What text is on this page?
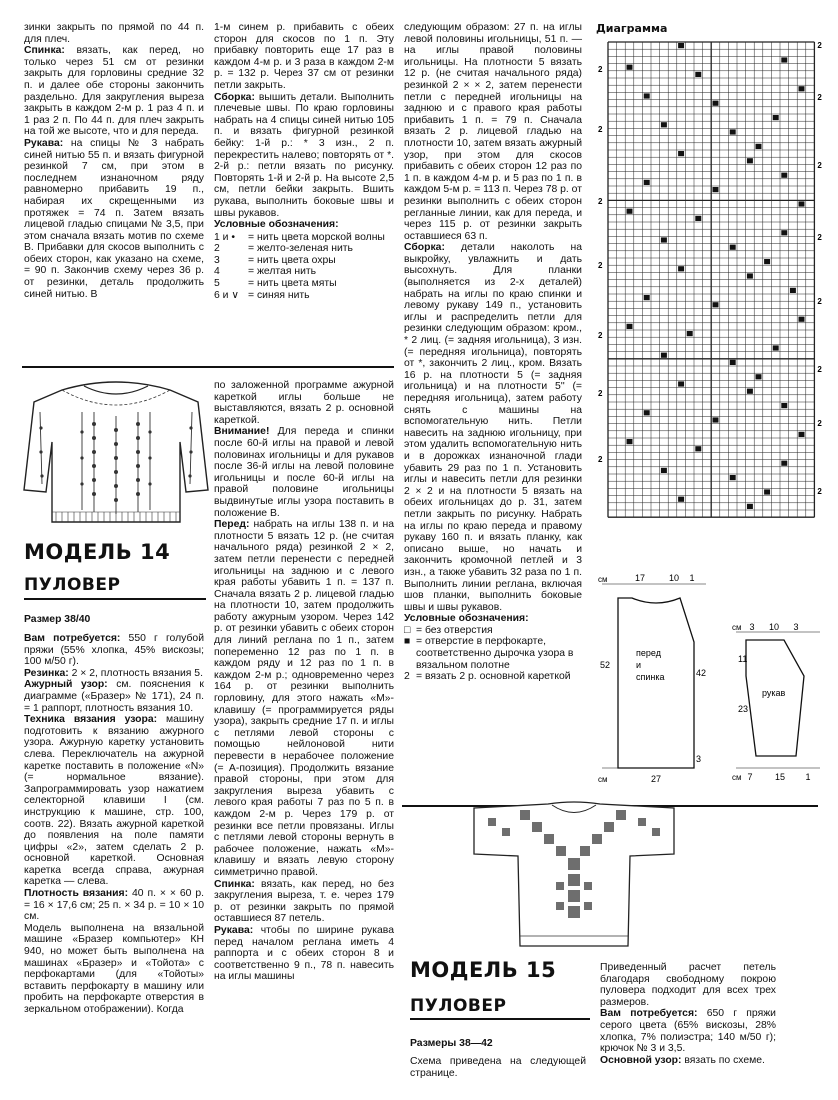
зинки закрыть по прямой по 44 п. для плеч.
Спинка: вязать, как перед, но только через 51 см от резинки закрыть для горловины средние 32 п. и далее обе стороны закончить раздельно. Для закругления выреза закрыть в каждом 2-м р. 1 раз 4 п. и 1 раз 2 п. По 44 п. для плеч закрыть на той же высоте, что и для переда.
Рукава: на спицы № 3 набрать синей нитью 55 п. и вязать фигурной резинкой 7 см, при этом в последнем изнаночном ряду равномерно прибавить 19 п., набирая их скрещенными из протяжек = 74 п. Затем вязать лицевой гладью спицами № 3,5, при этом сначала вязать мотив по схеме B. Прибавки для скосов выполнить с обеих сторон, как указано на схеме, = 90 п. Закончив схему через 36 р. от резинки, деталь продолжить синей нитью. В

1-м синем р. прибавить с обеих сторон для скосов по 1 п. Эту прибавку повторить еще 17 раз в каждом 4-м р. и 3 раза в каждом 2-м р. = 132 р. Через 37 см от резинки петли закрыть.
Сборка: вышить детали. Выполнить плечевые швы. По краю горловины набрать на 4 спицы синей нитью 105 п. и вязать фигурной резинкой бейку: 1-й р.: * 3 изн., 2 п. перекрестить налево; повторять от *. 2-й р.: петли вязать по рисунку. Повторять 1-й и 2-й р. На высоте 2,5 см, петли бейки закрыть. Вшить рукава, выполнить боковые швы и швы рукавов.
Условные обозначения:

1 и •	= нить цвета морской волны
2	= желто-зеленая нить
3	= нить цвета охры
4	= желтая нить
5	= нить цвета мяты
6 и ∨ = синяя нить

следующим образом: 27 п. на иглы левой половины игольницы, 51 п. — на иглы правой половины игольницы. На плотности 5 вязать 12 р. (не считая начального ряда) резинкой 2 × × 2, затем перенести петли с передней игольницы на заднюю и с правого края работы прибавить 1 п. = 79 п. Сначала вязать 2 р. лицевой гладью на плотности 10, затем вязать ажурный узор, при этом для скосов прибавить с обеих сторон 12 раз по 1 п. в каждом 4-м р. и 5 раз по 1 п. в каждом 5-м р. = 113 п. Через 78 р. от резинки выполнить с обеих сторон регланные линии, как для переда, и через 115 р. от резинки закрыть оставшиеся 63 п.
Сборка: детали наколоть на выкройку, увлажнить и дать высохнуть. Для планки (выполняется из 2-х деталей) набрать на иглы по краю спинки и левому рукаву 149 п., установить иглы и распределить петли для резинки следующим образом: кром., * 2 лиц. (= задняя игольница), 3 изн. (= передняя игольница), повторять от *, закончить 2 лиц., кром. Вязать 16 р. на плотности 5 (= задняя игольница) и на плотности 5'' (= передняя игольница), затем работу снять с машины на вспомогательную нить. Петли навесить на заднюю игольницу, при этом удалить вспомогательную нить и в дорожках изнаночной глади убавить 29 раз по 1 п. Установить иглы и навесить петли для резинки 2 × 2 и на плотности 5 вязать на обеих игольницах до р. 31, затем петли закрыть по рисунку. Набрать на иглы по краю переда и правому рукаву 160 п. и вязать планку, как описано выше, но начать и закончить кромочной петлей и 3 изн., а также убавить 32 раза по 1 п. Выполнить линии реглана, включая шов планки, выполнить боковые швы и швы рукавов.
Условные обозначения:

□ = без отверстия
■ = отверстие в перфокарте, соответственно дырочка узора в вязальном полотне
2 = вязать 2 р. основной кареткой
МОДЕЛЬ 14
ПУЛОВЕР
Размер 38/40

Вам потребуется: 550 г голубой пряжи (55% хлопка, 45% вискозы; 100 м/50 г).
Резинка: 2 × 2, плотность вязания 5.
Ажурный узор: см. пояснения к диаграмме («Бразер» № 171), 24 п. = 1 раппорт, плотность вязания 10.
Техника вязания узора: машину подготовить к вязанию ажурного узора. Ажурную каретку установить слева. Переключатель на ажурной каретке поставить в положение «N» (= нормальное вязание). Запрограммировать узор нажатием селекторной клавиши I (см. инструкцию к машине, стр. 100, соотв. 22). Вязать ажурной кареткой до появления на поле памяти цифры «2», затем сделать 2 р. основной кареткой. Основная каретка всегда справа, ажурная каретка — слева.
Плотность вязания: 40 п. × × 60 р. = 16 × 17,6 см; 25 п. × 34 р. = 10 × 10 см.
Модель выполнена на вязальной машине «Бразер компьютер» КН 940, но может быть выполнена на машинах «Бразер» и «Тойота» с перфокартами (для «Тойоты» вставить перфокарту в машину или пробить на перфокарте отверстия в зеркальном отображении). Когда

по заложенной программе ажурной кареткой иглы больше не выставляются, вязать 2 р. основной кареткой.
Внимание! Для переда и спинки после 60-й иглы на правой и левой половинах игольницы и для рукавов после 36-й иглы на левой половине игольницы и после 60-й иглы на правой половине игольницы выдвинутые иглы узора поставить в положение B.
Перед: набрать на иглы 138 п. и на плотности 5 вязать 12 р. (не считая начального ряда) резинкой 2 × 2, затем петли перенести с передней игольницы на заднюю и с левого края работы убавить 1 п. = 137 п. Сначала вязать 2 р. лицевой гладью на плотности 10, затем продолжить работу ажурным узором. Через 142 р. от резинки убавить с обеих сторон для линий реглана по 1 п., затем попеременно 12 раз по 1 п. в каждом ряду и 12 раз по 1 п. в каждом 2-м р.; одновременно через 164 р. от резинки выполнить горловину, для этого нажать «М»-клавишу (= программируется ряды узора), закрыть средние 17 п. и иглы с петлями левой стороны с помощью нейлоновой нити перевести в нерабочее положение (= А-позиция). Продолжить вязание правой стороны, при этом для закругления выреза убавить с левого края работы 7 раз по 5 п. в каждом 2-м р. Через 179 р. от резинки все петли провязаны. Иглы с петлями левой стороны вернуть в рабочее положение, нажать «М»-клавишу и вязать левую сторону симметрично правой.
Спинка: вязать, как перед, но без закругления выреза, т. е. через 179 р. от резинки закрыть по прямой оставшиеся 87 петель.
Рукава: чтобы по ширине рукава перед началом реглана иметь 4 раппорта и с обеих сторон 8 и соответственно 9 п., 78 п. навесить на иглы машины

Диаграмма
2
2
2
2
2
2
2
2
2
2
2
2
2
2
2
см	17	10 1
перед
и
спинка
52
42
3
см	27
см 3 10 3
рукав
11
23
см 7 15 1
МОДЕЛЬ 15
ПУЛОВЕР
Размеры 38—42
Схема приведена на следующей странице.

Приведенный расчет петель благодаря свободному покрою пуловера подходит для всех трех размеров.
Вам потребуется: 650 г пряжи серого цвета (65% вискозы, 28% хлопка, 7% полиэстра; 140 м/50 г); крючок № 3 и 3,5.
Основной узор: вязать по схеме.
